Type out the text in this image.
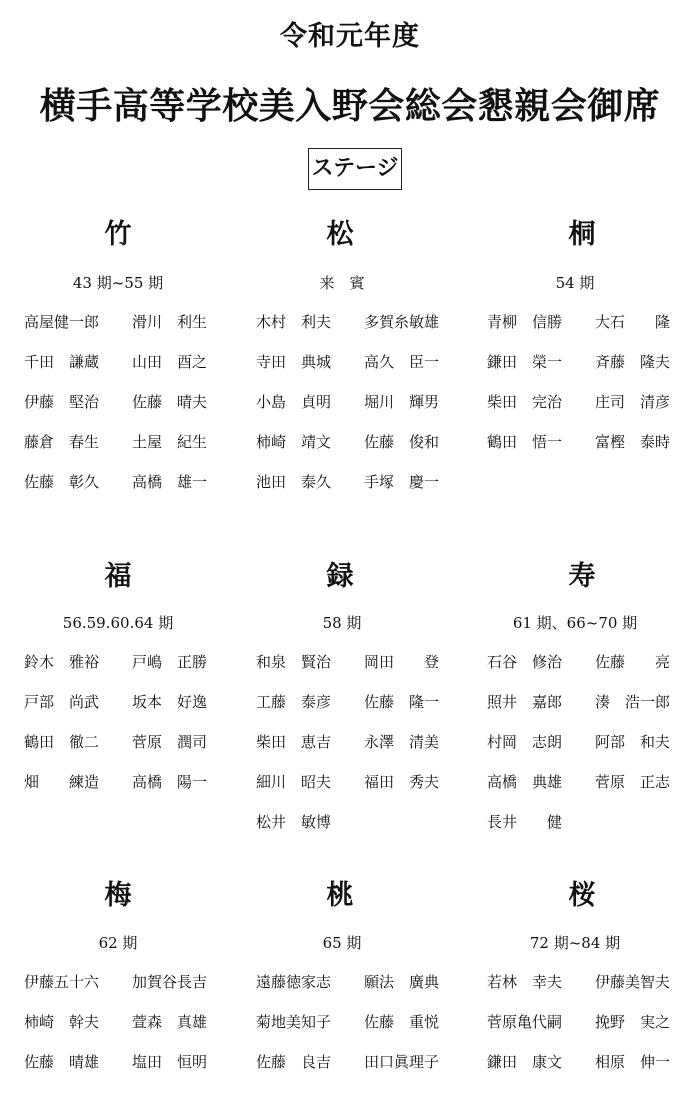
令和元年度
横手高等学校美入野会総会懇親会御席
ステージ
竹
43 期~55 期
高屋健一郎
千田　謙蔵
伊藤　堅治
藤倉　春生
佐藤　彰久
滑川　利生
山田　酉之
佐藤　晴夫
土屋　紀生
高橋　雄一
松
来　賓
木村　利夫
寺田　典城
小島　貞明
柿崎　靖文
池田　泰久
多賀糸敏雄
高久　臣一
堀川　輝男
佐藤　俊和
手塚　慶一
桐
54 期
青柳　信勝
鎌田　榮一
柴田　完治
鶴田　悟一
大石　　隆
斉藤　隆夫
庄司　清彦
富樫　泰時
福
56.59.60.64 期
鈴木　雅裕
戸部　尚武
鶴田　徹二
畑　　練造
戸嶋　正勝
坂本　好逸
菅原　潤司
高橋　陽一
録
58 期
和泉　賢治
工藤　泰彦
柴田　恵吉
細川　昭夫
松井　敏博
岡田　　登
佐藤　隆一
永澤　清美
福田　秀夫
寿
61 期、66~70 期
石谷　修治
照井　嘉郎
村岡　志朗
高橋　典雄
長井　　健
佐藤　　亮
湊　浩一郎
阿部　和夫
菅原　正志
梅
62 期
伊藤五十六
柿崎　幹夫
佐藤　晴雄
加賀谷長吉
萱森　真雄
塩田　恒明
桃
65 期
遠藤徳家志
菊地美知子
佐藤　良吉
願法　廣典
佐藤　重悦
田口眞理子
桜
72 期~84 期
若林　幸夫
菅原亀代嗣
鎌田　康文
伊藤美智夫
挽野　実之
相原　伸一
